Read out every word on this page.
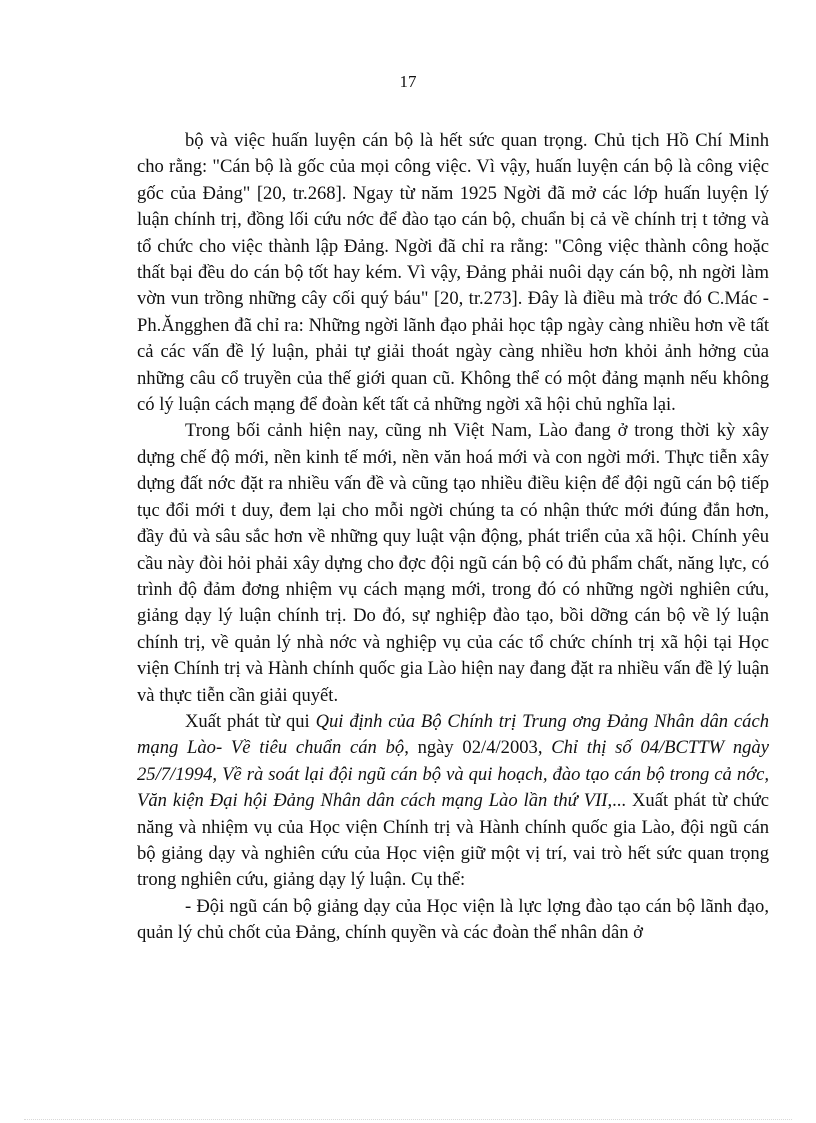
17

bộ và việc huấn luyện cán bộ là hết sức quan trọng. Chủ tịch Hồ Chí Minh cho rằng: "Cán bộ là gốc của mọi công việc. Vì vậy, huấn luyện cán bộ là công việc gốc của Đảng" [20, tr.268]. Ngay từ năm 1925 Ngời đã mở các lớp huấn luyện lý luận chính trị, đồng lối cứu nớc để đào tạo cán bộ, chuẩn bị cả về chính trị t tởng và tổ chức cho việc thành lập Đảng. Ngời đã chỉ ra rằng: "Công việc thành công hoặc thất bại đều do cán bộ tốt hay kém. Vì vậy, Đảng phải nuôi dạy cán bộ, nh ngời làm vờn vun trồng những cây cối quý báu" [20, tr.273]. Đây là điều mà trớc đó C.Mác - Ph.Ăngghen đã chỉ ra: Những ngời lãnh đạo phải học tập ngày càng nhiều hơn về tất cả các vấn đề lý luận, phải tự giải thoát ngày càng nhiều hơn khỏi ảnh hởng của những câu cổ truyền của thế giới quan cũ. Không thể có một đảng mạnh nếu không có lý luận cách mạng để đoàn kết tất cả những ngời xã hội chủ nghĩa lại.

Trong bối cảnh hiện nay, cũng nh Việt Nam, Lào đang ở trong thời kỳ xây dựng chế độ mới, nền kinh tế mới, nền văn hoá mới và con ngời mới. Thực tiễn xây dựng đất nớc đặt ra nhiều vấn đề và cũng tạo nhiều điều kiện để đội ngũ cán bộ tiếp tục đổi mới t duy, đem lại cho mỗi ngời chúng ta có nhận thức mới đúng đắn hơn, đầy đủ và sâu sắc hơn về những quy luật vận động, phát triển của xã hội. Chính yêu cầu này đòi hỏi phải xây dựng cho đợc đội ngũ cán bộ có đủ phẩm chất, năng lực, có trình độ đảm đơng nhiệm vụ cách mạng mới, trong đó có những ngời nghiên cứu, giảng dạy lý luận chính trị. Do đó, sự nghiệp đào tạo, bồi dỡng cán bộ về lý luận chính trị, về quản lý nhà nớc và nghiệp vụ của các tổ chức chính trị xã hội tại Học viện Chính trị và Hành chính quốc gia Lào hiện nay đang đặt ra nhiều vấn đề lý luận và thực tiễn cần giải quyết.

Xuất phát từ qui Qui định của Bộ Chính trị Trung ơng Đảng Nhân dân cách mạng Lào- Về tiêu chuẩn cán bộ, ngày 02/4/2003, Chỉ thị số 04/BCTTW ngày 25/7/1994, Về rà soát lại đội ngũ cán bộ và qui hoạch, đào tạo cán bộ trong cả nớc, Văn kiện Đại hội Đảng Nhân dân cách mạng Lào lần thứ VII,... Xuất phát từ chức năng và nhiệm vụ của Học viện Chính trị và Hành chính quốc gia Lào, đội ngũ cán bộ giảng dạy và nghiên cứu của Học viện giữ một vị trí, vai trò hết sức quan trọng trong nghiên cứu, giảng dạy lý luận. Cụ thể:

- Đội ngũ cán bộ giảng dạy của Học viện là lực lợng đào tạo cán bộ lãnh đạo, quản lý chủ chốt của Đảng, chính quyền và các đoàn thể nhân dân ở
